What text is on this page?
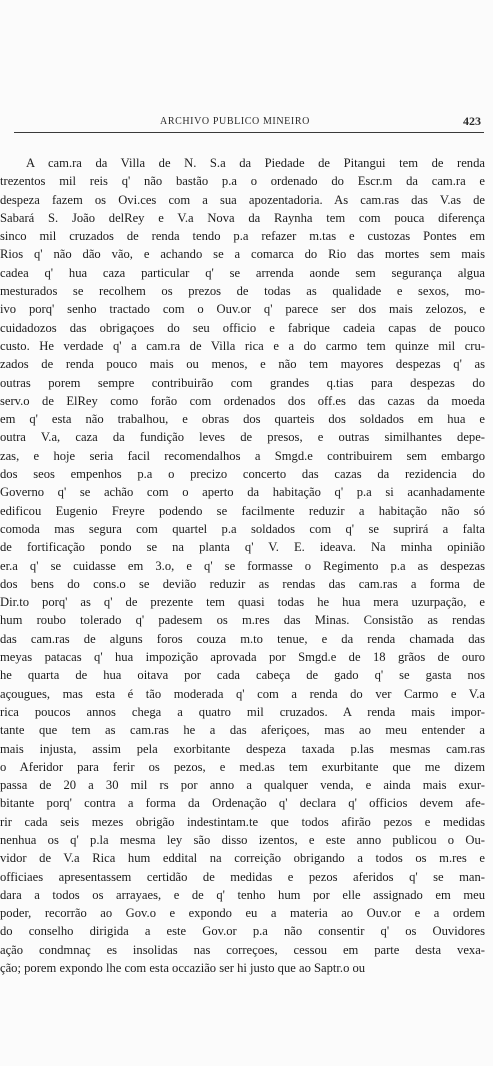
ARCHIVO PUBLICO MINEIRO	423
A cam.ra da Villa de N. S.a da Piedade de Pitangui tem de renda
trezentos mil reis q' não bastão p.a o ordenado do Escr.m da cam.ra e
despeza fazem os Ovi.ces com a sua apozentadoria. As cam.ras das V.as de
Sabará S. João delRey e V.a Nova da Raynha tem com pouca diferença
sinco mil cruzados de renda tendo p.a refazer m.tas e custozas Pontes em
Rios q' não dão vão, e achando se a comarca do Rio das mortes sem mais
cadea q' hua caza particular q' se arrenda aonde sem segurança algua
mesturados se recolhem os prezos de todas as qualidade e sexos, mo-
ivo porq' senho tractado com o Ouv.or q' parece ser dos mais zelozos, e
cuidadozos das obrigaçoes do seu officio e fabrique cadeia capas de pouco
custo. He verdade q' a cam.ra de Villa rica e a do carmo tem quinze mil cru-
zados de renda pouco mais ou menos, e não tem mayores despezas q' as
outras porem sempre contribuirão com grandes q.tias para despezas do
serv.o de ElRey como forão com ordenados dos off.es das cazas da moeda
em q' esta não trabalhou, e obras dos quarteis dos soldados em hua e
outra V.a, caza da fundição leves de presos, e outras similhantes depe-
zas, e hoje seria facil recomendalhos a Smgd.e contribuirem sem embargo
dos seos empenhos p.a o precizo concerto das cazas da rezidencia do
Governo q' se achão com o aperto da habitação q' p.a si acanhadamente
edificou Eugenio Freyre podendo se facilmente reduzir a habitação não só
comoda mas segura com quartel p.a soldados com q' se suprirá a falta
de fortificação pondo se na planta q' V. E. ideava. Na minha opinião
er.a q' se cuidasse em 3.o, e q' se formasse o Regimento p.a as despezas
dos bens do cons.o se devião reduzir as rendas das cam.ras a forma de
Dir.to porq' as q' de prezente tem quasi todas he hua mera uzurpação, e
hum roubo tolerado q' padesem os m.res das Minas. Consistão as rendas
das cam.ras de alguns foros couza m.to tenue, e da renda chamada das
meyas patacas q' hua impozição aprovada por Smgd.e de 18 grãos de ouro
he quarta de hua oitava por cada cabeça de gado q' se gasta nos
açougues, mas esta é tão moderada q' com a renda do ver Carmo e V.a
rica poucos annos chega a quatro mil cruzados. A renda mais impor-
tante que tem as cam.ras he a das aferiçoes, mas ao meu entender a
mais injusta, assim pela exorbitante despeza taxada p.las mesmas cam.ras
o Aferidor para ferir os pezos, e med.as tem exurbitante que me dizem
passa de 20 a 30 mil rs por anno a qualquer venda, e ainda mais exur-
bitante porq' contra a forma da Ordenação q' declara q' officios devem afe-
rir cada seis mezes obrigão indestintam.te que todos afirão pezos e medidas
nenhua os q' p.la mesma ley são disso izentos, e este anno publicou o Ou-
vidor de V.a Rica hum eddital na correição obrigando a todos os m.res e
officiaes apresentassem certidão de medidas e pezos aferidos q' se man-
dara a todos os arrayaes, e de q' tenho hum por elle assignado em meu
poder, recorrão ao Gov.o e expondo eu a materia ao Ouv.or e a ordem
do conselho dirigida a este Gov.or p.a não consentir q' os Ouvidores
ação condmnaç es insolidas nas correçoes, cessou em parte desta vexa-
ção; porem expondo lhe com esta occazião ser hi justo que ao Saptr.o ou
